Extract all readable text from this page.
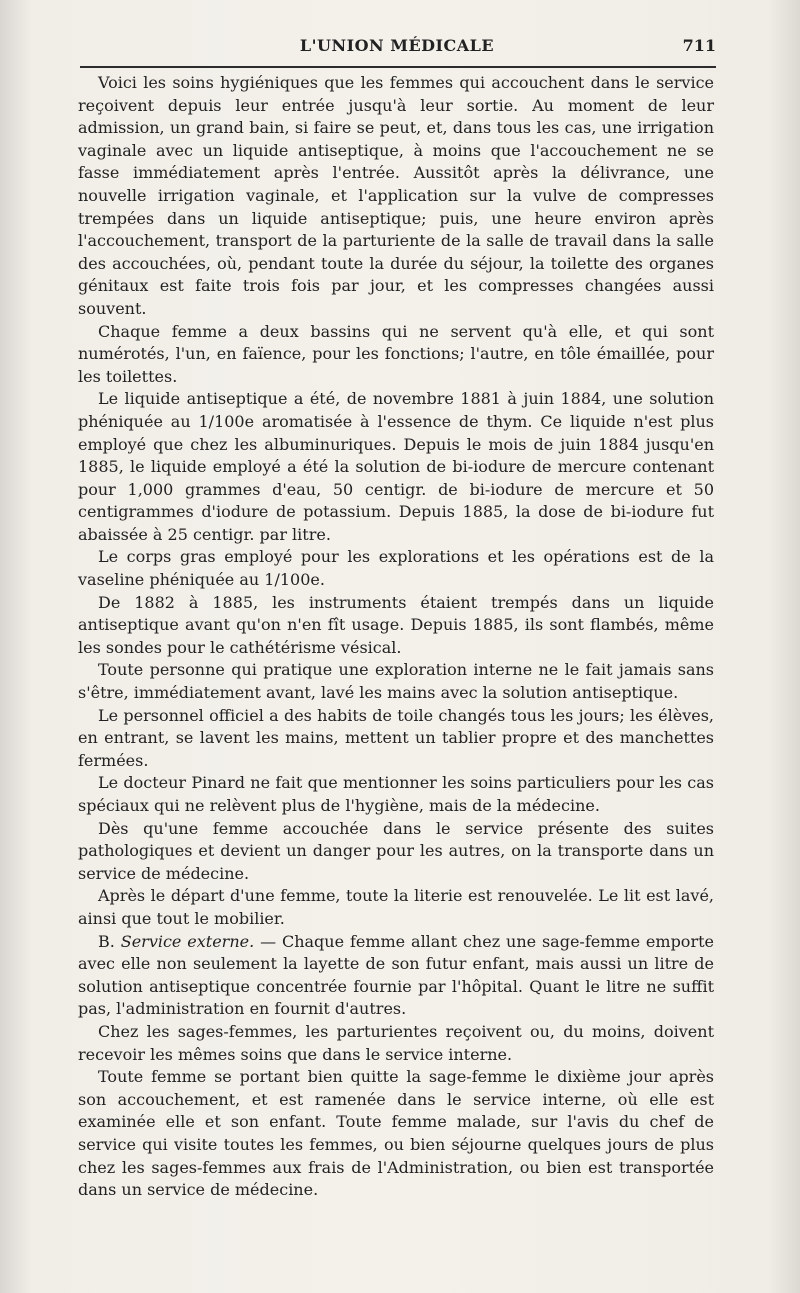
L'UNION MÉDICALE	711

Voici les soins hygiéniques que les femmes qui accouchent dans le service reçoivent depuis leur entrée jusqu'à leur sortie. Au moment de leur admission, un grand bain, si faire se peut, et, dans tous les cas, une irrigation vaginale avec un liquide antiseptique, à moins que l'accouchement ne se fasse immédiatement après l'entrée. Aussitôt après la délivrance, une nouvelle irrigation vaginale, et l'application sur la vulve de compresses trempées dans un liquide antiseptique; puis, une heure environ après l'accouchement, transport de la parturiente de la salle de travail dans la salle des accouchées, où, pendant toute la durée du séjour, la toilette des organes génitaux est faite trois fois par jour, et les compresses changées aussi souvent.

Chaque femme a deux bassins qui ne servent qu'à elle, et qui sont numérotés, l'un, en faïence, pour les fonctions; l'autre, en tôle émaillée, pour les toilettes.

Le liquide antiseptique a été, de novembre 1881 à juin 1884, une solution phéniquée au 1/100e aromatisée à l'essence de thym. Ce liquide n'est plus employé que chez les albuminuriques. Depuis le mois de juin 1884 jusqu'en 1885, le liquide employé a été la solution de bi-iodure de mercure contenant pour 1,000 grammes d'eau, 50 centigr. de bi-iodure de mercure et 50 centigrammes d'iodure de potassium. Depuis 1885, la dose de bi-iodure fut abaissée à 25 centigr. par litre.

Le corps gras employé pour les explorations et les opérations est de la vaseline phéniquée au 1/100e.

De 1882 à 1885, les instruments étaient trempés dans un liquide antiseptique avant qu'on n'en fît usage. Depuis 1885, ils sont flambés, même les sondes pour le cathétérisme vésical.

Toute personne qui pratique une exploration interne ne le fait jamais sans s'être, immédiatement avant, lavé les mains avec la solution antiseptique.

Le personnel officiel a des habits de toile changés tous les jours; les élèves, en entrant, se lavent les mains, mettent un tablier propre et des manchettes fermées.

Le docteur Pinard ne fait que mentionner les soins particuliers pour les cas spéciaux qui ne relèvent plus de l'hygiène, mais de la médecine.

Dès qu'une femme accouchée dans le service présente des suites pathologiques et devient un danger pour les autres, on la transporte dans un service de médecine.

Après le départ d'une femme, toute la literie est renouvelée. Le lit est lavé, ainsi que tout le mobilier.

B. Service externe. — Chaque femme allant chez une sage-femme emporte avec elle non seulement la layette de son futur enfant, mais aussi un litre de solution antiseptique concentrée fournie par l'hôpital. Quant le litre ne suffit pas, l'administration en fournit d'autres.

Chez les sages-femmes, les parturientes reçoivent ou, du moins, doivent recevoir les mêmes soins que dans le service interne.

Toute femme se portant bien quitte la sage-femme le dixième jour après son accouchement, et est ramenée dans le service interne, où elle est examinée elle et son enfant. Toute femme malade, sur l'avis du chef de service qui visite toutes les femmes, ou bien séjourne quelques jours de plus chez les sages-femmes aux frais de l'Administration, ou bien est transportée dans un service de médecine.
